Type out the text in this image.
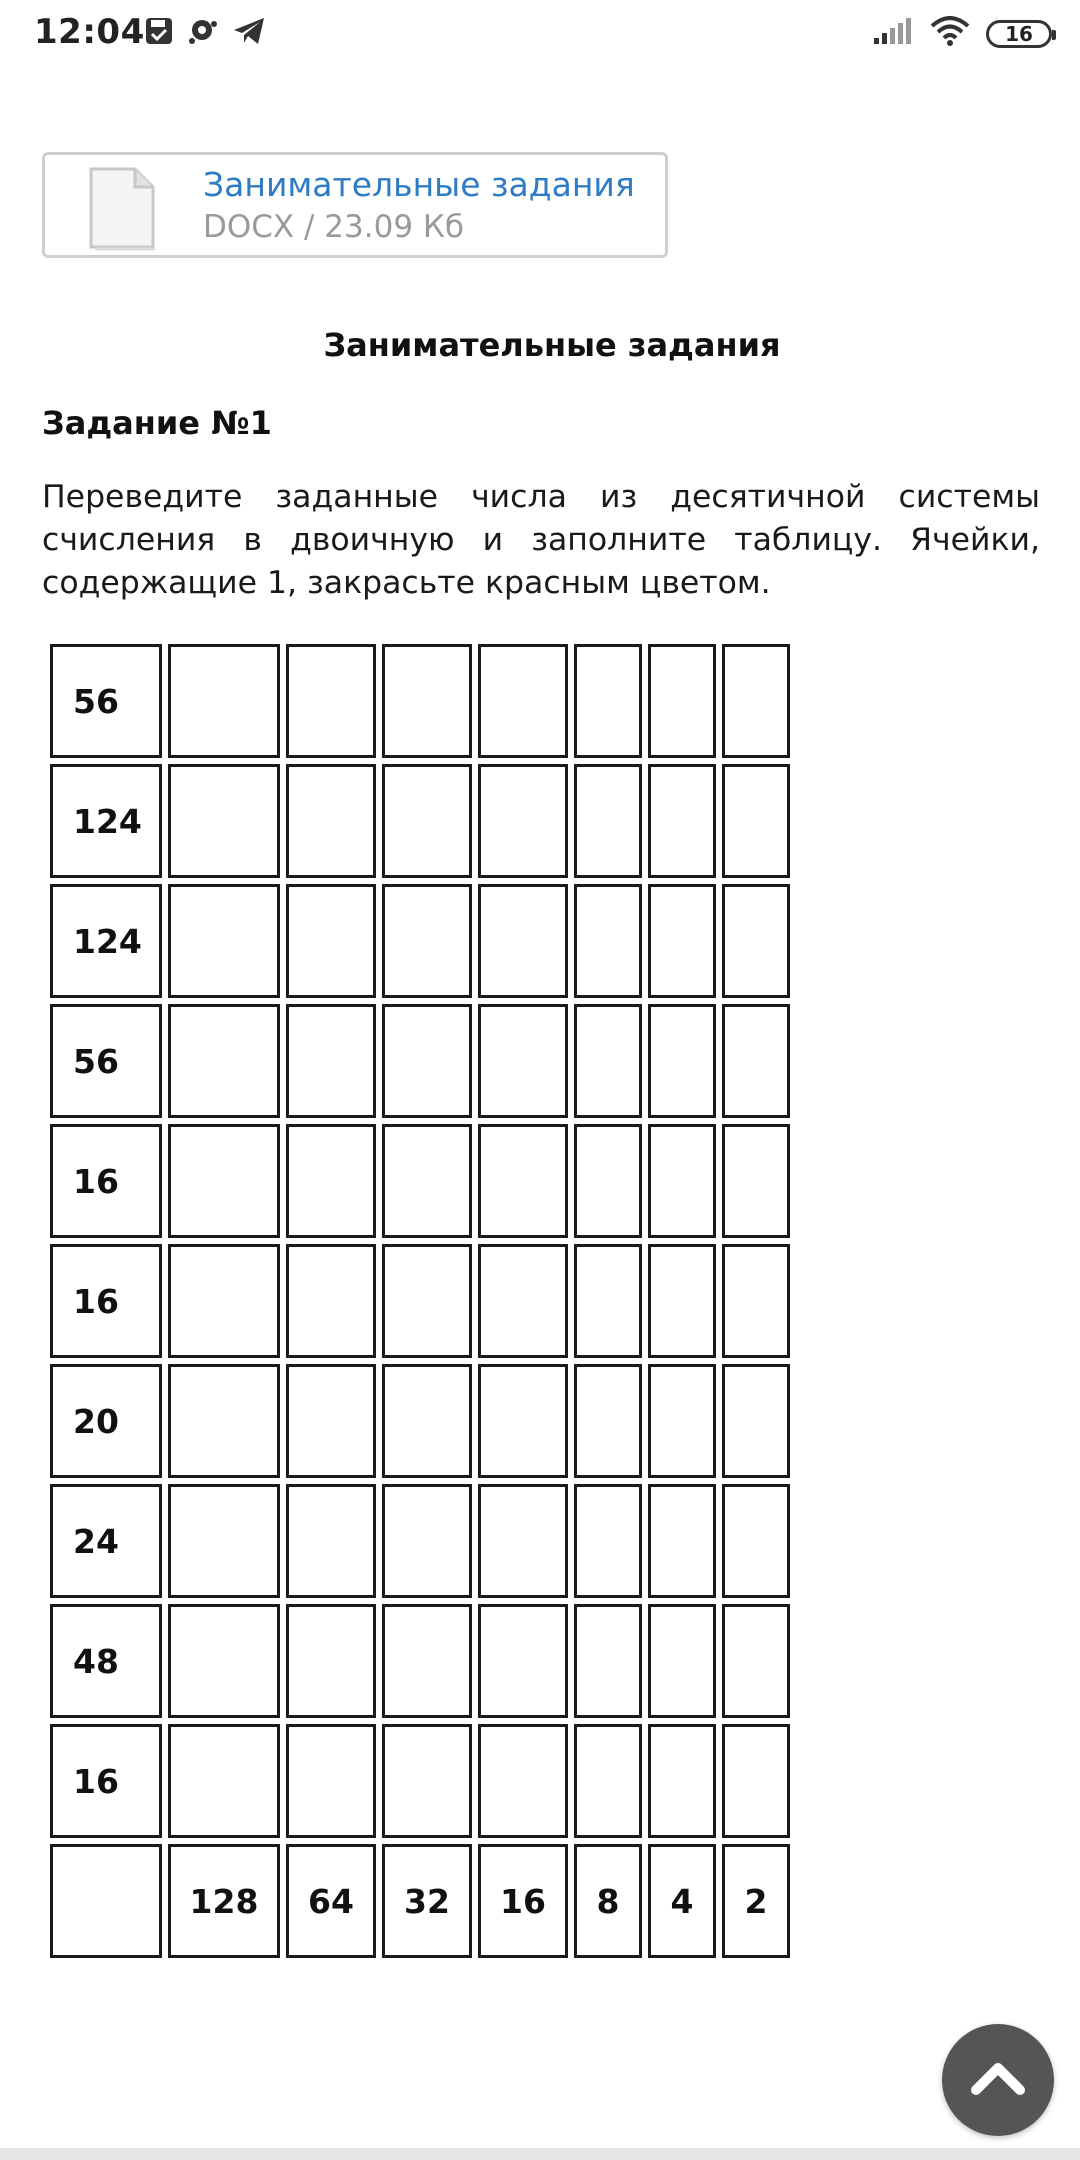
12:04	16
Занимательные задания
DOCX / 23.09 Кб
Занимательные задания
Задание №1
Переведите заданные числа из десятичной системы счисления в двоичную и заполните таблицу. Ячейки, содержащие 1, закрасьте красным цветом.
56							
124							
124							
56							
16							
16							
20							
24							
48							
16							
	128	64	32	16	8	4	2
